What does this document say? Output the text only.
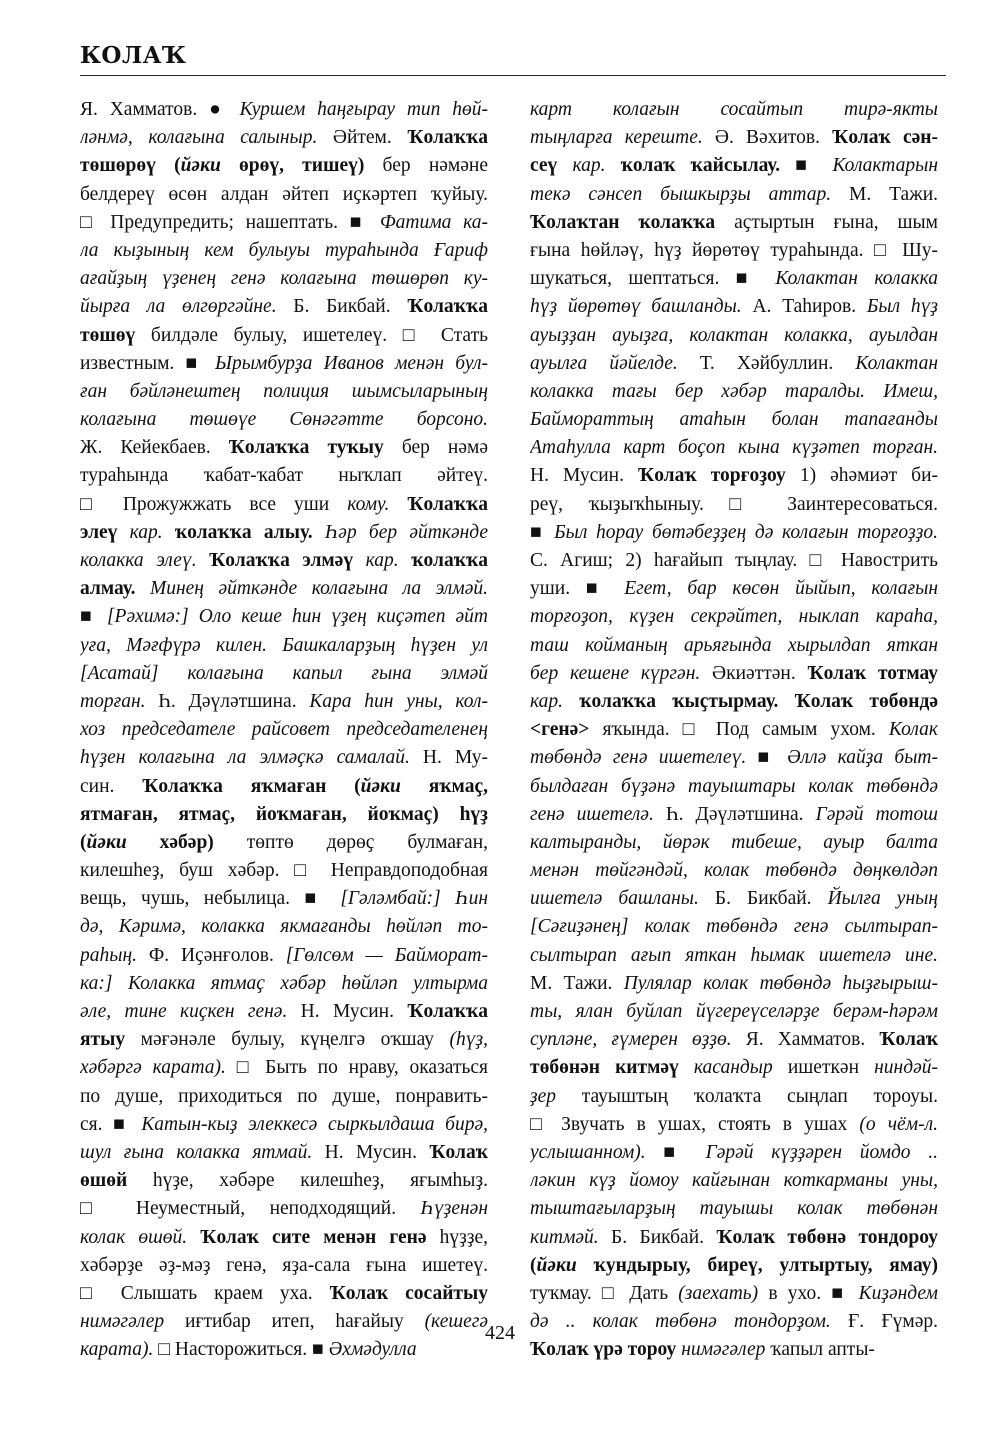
КОЛАҠ
Я. Хамматов. ● Куршем һаңғырау тип һөй-
ләнмә, колағына салыныр. Әйтем. Ҡолаҡҡа
төшөрөү (йәки өрөү, тишеү) бер нәмәне
белдереү өсөн алдан әйтеп иҫкәртеп ҡуйыу.
□ Предупредить; нашептать. ■ Фатима ка-
ла кыҙының кем булыуы тураһында Ғариф
ағайҙың үҙенең генә колағына төшөрөп ку-
йырға ла өлгөргәйне. Б. Бикбай. Ҡолаҡҡа
төшөү билдәле булыу, ишетелеү. □ Стать
известным. ■ Ырымбурҙа Иванов менән бул-
ған бәйләнештең полиция шымсыларының
колағына төшөүе Сөнәгәтте борсоно.
Ж. Кейекбаев. Ҡолаҡҡа туҡыу бер нәмә
тураһында ҡабат-ҡабат ныҡлап әйтеү.
□ Прожужжать все уши кому. Ҡолаҡҡа
элеү кар. ҡолаҡҡа алыу. Һәр бер әйткәнде
колакка элеү. Ҡолаҡҡа элмәү кар. ҡолаҡҡа
алмау. Минең әйткәнде колағына ла элмәй.
■ [Рәхимә:] Оло кеше һин үҙең киҫәтеп әйт
уға, Мәғфүрә килен. Башкаларҙың һүҙен ул
[Асатай] колағына капыл ғына элмәй
торған. Һ. Дәүләтшина. Кара һин уны, кол-
хоз председателе райсовет председателенең
һүҙен колағына ла элмәҫкә самалай. Н. Му-
син. Ҡолаҡҡа яҡмаған (йәки яҡмаҫ,
ятмаған, ятмаҫ, йоҡмаған, йоҡмаҫ) һүҙ
(йәки хәбәр) төптө дөрөҫ булмаған,
килешһеҙ, буш хәбәр. □ Неправдоподобная
вещь, чушь, небылица. ■ [Гәләмбай:] Һин
дә, Кәримә, колакка якмағанды һөйләп то-
раһың. Ф. Иҫәнғолов. [Гөлсөм — Байморат-
ка:] Колакка ятмаҫ хәбәр һөйләп ултырма
әле, тине киҫкен генә. Н. Мусин. Ҡолаҡҡа
ятыу мәғәнәле булыу, күңелгә оҡшау (һүҙ,
хәбәргә карата). □ Быть по нраву, оказаться
по душе, приходиться по душе, понравить-
ся. ■ Катын-кыҙ элеккесә сыркылдаша бирә,
шул ғына колакка ятмай. Н. Мусин. Ҡолаҡ
өшөй һүҙе, хәбәре килешһеҙ, яғымһыҙ.
□ Неуместный, неподходящий. Һүҙенән
колак өшөй. Ҡолаҡ сите менән генә һүҙҙе,
хәбәрҙе әҙ-мәҙ генә, яҙа-сала ғына ишетеү.
□ Слышать краем уха. Ҡолаҡ сосайтыу
нимәгәлер иғтибар итеп, һағайыу (кешегә
карата). □ Насторожиться. ■ Әхмәдулла
карт колағын сосайтып тирә-якты
тыңларға кереште. Ә. Вәхитов. Ҡолаҡ сән-
сеү кар. ҡолаҡ ҡайсылау. ■ Колактарын
текә сәнсеп бышкырҙы аттар. М. Тажи.
Ҡолаҡтан ҡолаҡҡа аҫтыртын ғына, шым
ғына һөйләү, һүҙ йөрөтөү тураһында. □ Шу-
шукаться, шептаться. ■ Колактан колакка
һүҙ йөрөтөү башланды. А. Таһиров. Был һүҙ
ауыҙҙан ауыҙға, колактан колакка, ауылдан
ауылға йәйелде. Т. Хәйбуллин. Колактан
колакка тағы бер хәбәр таралды. Имеш,
Баймораттың атаһын болан тапағанды
Атаһулла карт боҫоп кына күҙәтеп торған.
Н. Мусин. Ҡолаҡ торғоҙоу 1) әһәмиәт би-
реү, ҡыҙыҡһыныу. □ Заинтересоваться.
■ Был һорау бөтәбеҙҙең дә колағын торғоҙҙо.
С. Агиш; 2) һағайып тыңлау. □ Навострить
уши. ■ Егет, бар көсөн йыйып, колағын
торғоҙоп, күҙен секрәйтеп, ныклап караһа,
таш койманың арьяғында хырылдап яткан
бер кешене күргән. Әкиәттән. Ҡолаҡ тотмау
кар. ҡолаҡҡа ҡыҫтырмау. Ҡолаҡ төбөндә
<генә> яҡында. □ Под самым ухом. Колак
төбөндә генә ишетелеү. ■ Әллә кайҙа быт-
былдаған бүҙәнә тауыштары колак төбөндә
генә ишетелә. Һ. Дәүләтшина. Гәрәй тотош
калтыранды, йөрәк тибеше, ауыр балта
менән төйгәндәй, колак төбөндә дөңкөлдәп
ишетелә башланы. Б. Бикбай. Йылға уның
[Сәғиҙәнең] колак төбөндә генә сылтырап-
сылтырап ағып яткан һымак ишетелә ине.
М. Тажи. Пулялар колак төбөндә һыҙғырыш-
ты, ялан буйлап йүгереүселәрҙе берәм-һәрәм
супләне, ғүмерен өҙҙө. Я. Хамматов. Ҡолаҡ
төбөнән китмәү касандыр ишеткән ниндәй-
ҙер тауыштың ҡолаҡта сыңлап тороуы.
□ Звучать в ушах, стоять в ушах (о чём-л.
услышанном). ■ Гәрәй күҙҙәрен йомдо ..
ләкин күҙ йомоу кайғынан коткарманы уны,
тыштағыларҙың тауышы колак төбөнән
китмәй. Б. Бикбай. Ҡолаҡ төбөнә тондороу
(йәки ҡундырыу, биреү, ултыртыу, ямау)
туҡмау. □ Дать (заехать) в ухо. ■ Киҙәндем
дә .. колак төбөнә тондорҙом. Ғ. Ғүмәр.
Ҡолаҡ үрә тороу нимәгәлер ҡапыл апты-
424
